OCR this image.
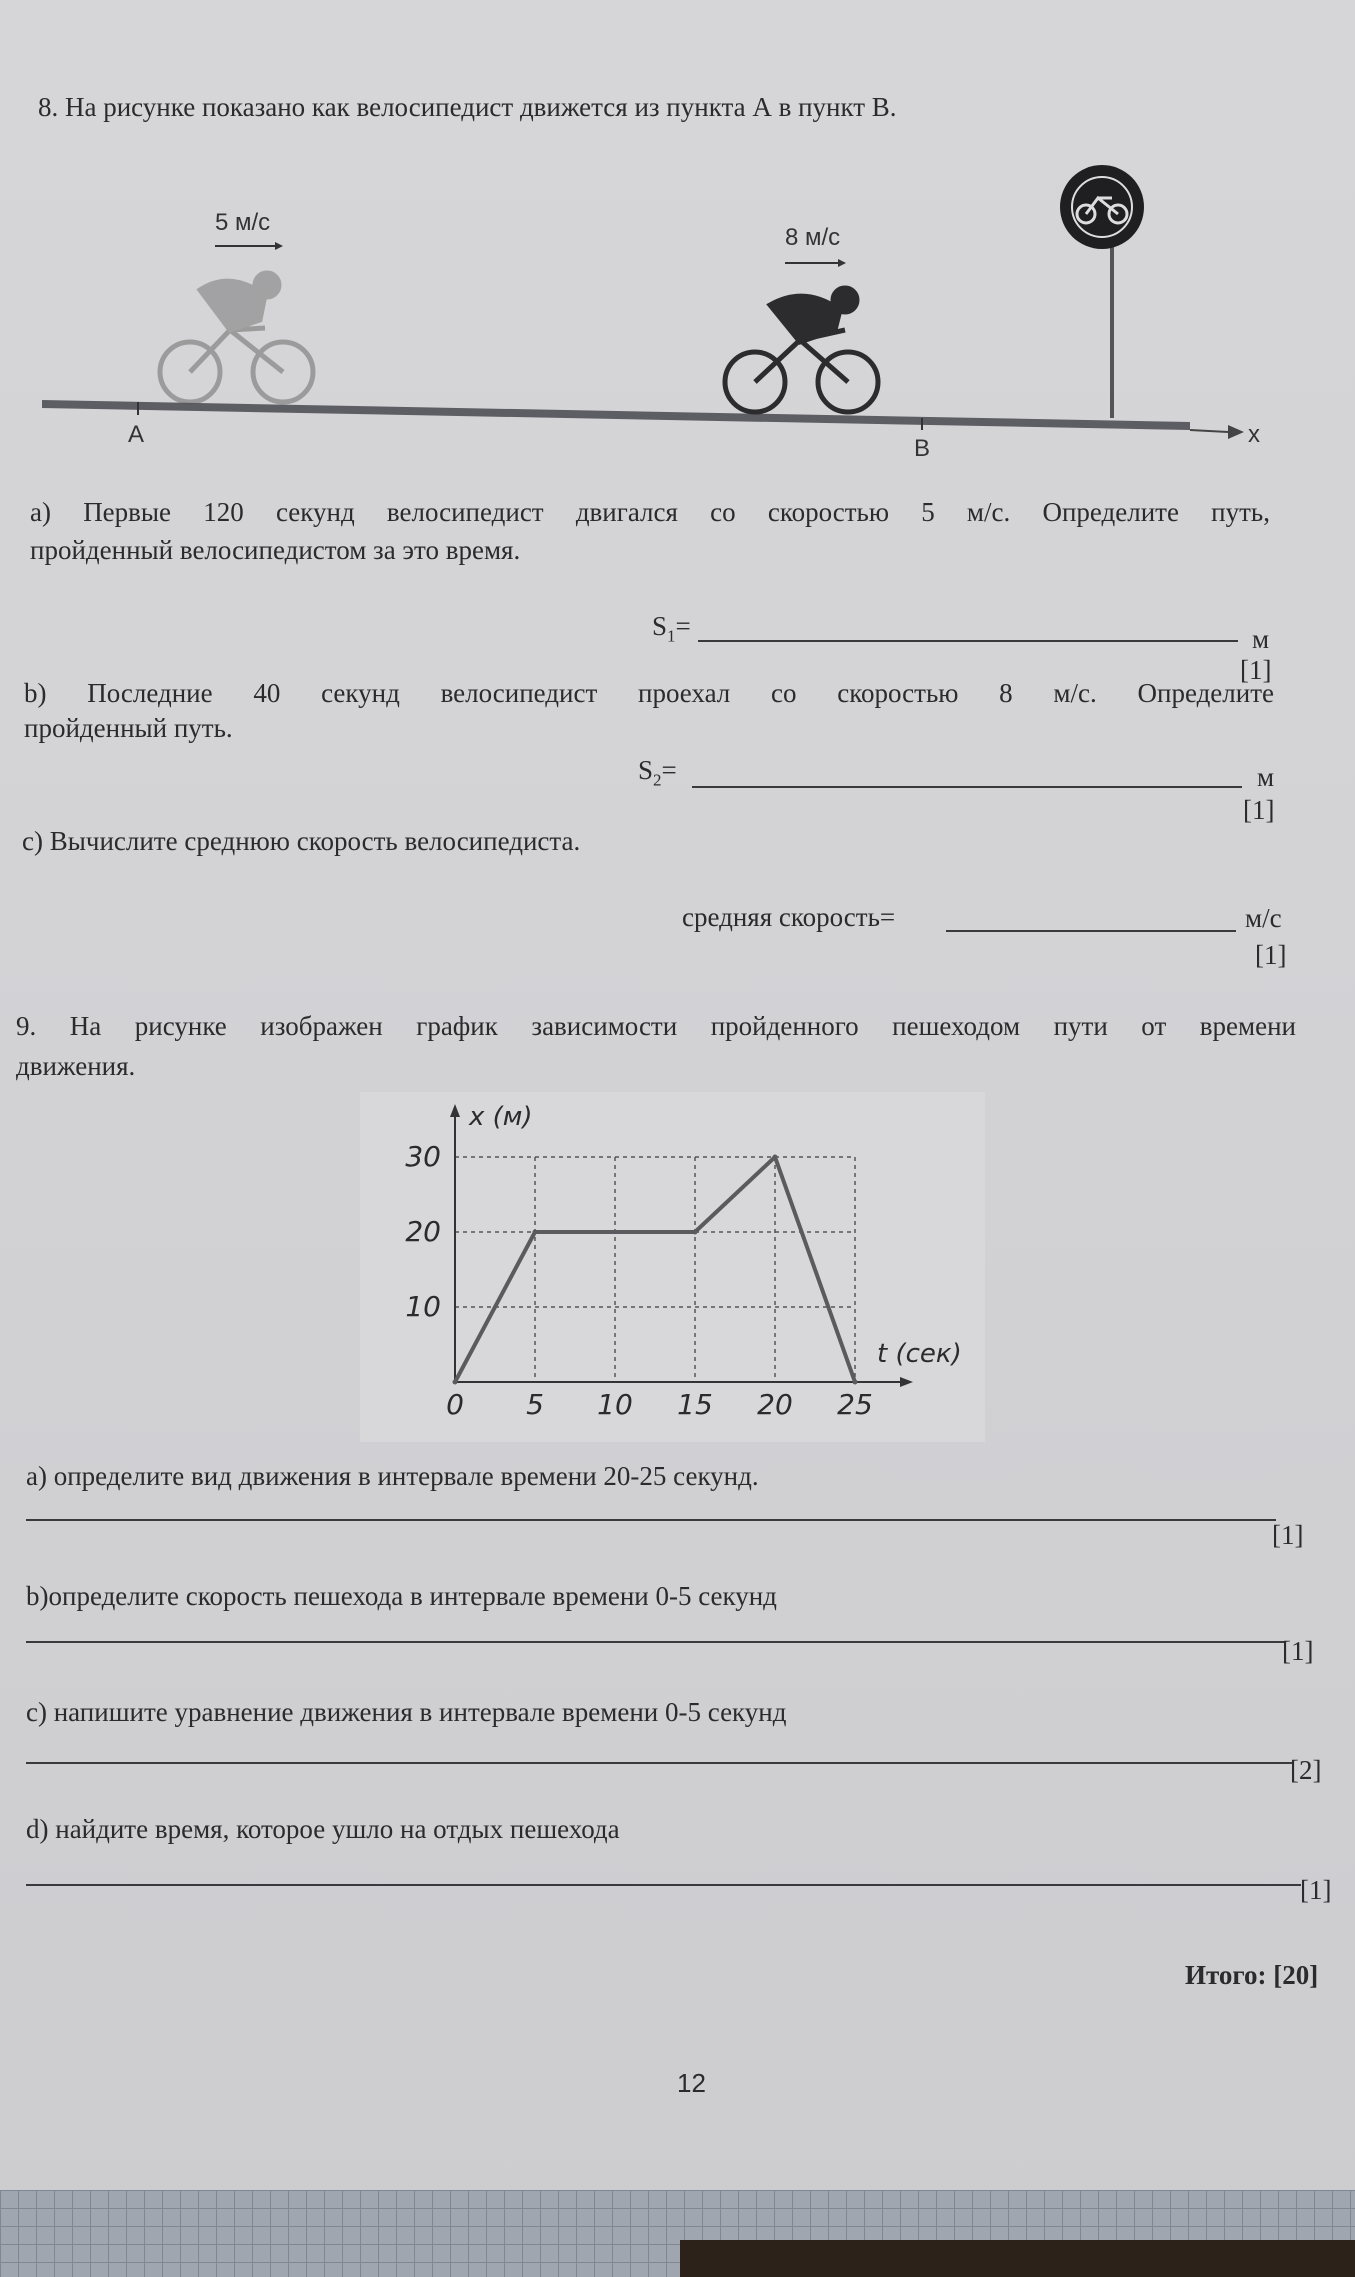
8. На рисунке показано как велосипедист движется из пункта А в пункт В.
x
A
B
5 м/с
8 м/с
a) Первые 120 секунд велосипедист двигался со скоростью 5 м/с. Определите путь,
пройденный велосипедистом за это время.
$S_1=$	м
[1]
b) Последние 40 секунд велосипедист проехал со скоростью 8 м/с. Определите
пройденный путь.
$S_2=$	м
[1]
c) Вычислите среднюю скорость велосипедиста.
средняя скорость=	м/с
[1]
9. На рисунке изображен график зависимости пройденного пешеходом пути от времени
движения.
0 5 10 15 20 25
10
20
30
x (м)
t (сек)
a) определите вид движения в интервале времени 20-25 секунд.
[1]
b)определите скорость пешехода в интервале времени 0-5 секунд
[1]
c) напишите уравнение движения в интервале времени 0-5 секунд
[2]
d) найдите время, которое ушло на отдых пешехода
[1]
Итого: [20]
12
